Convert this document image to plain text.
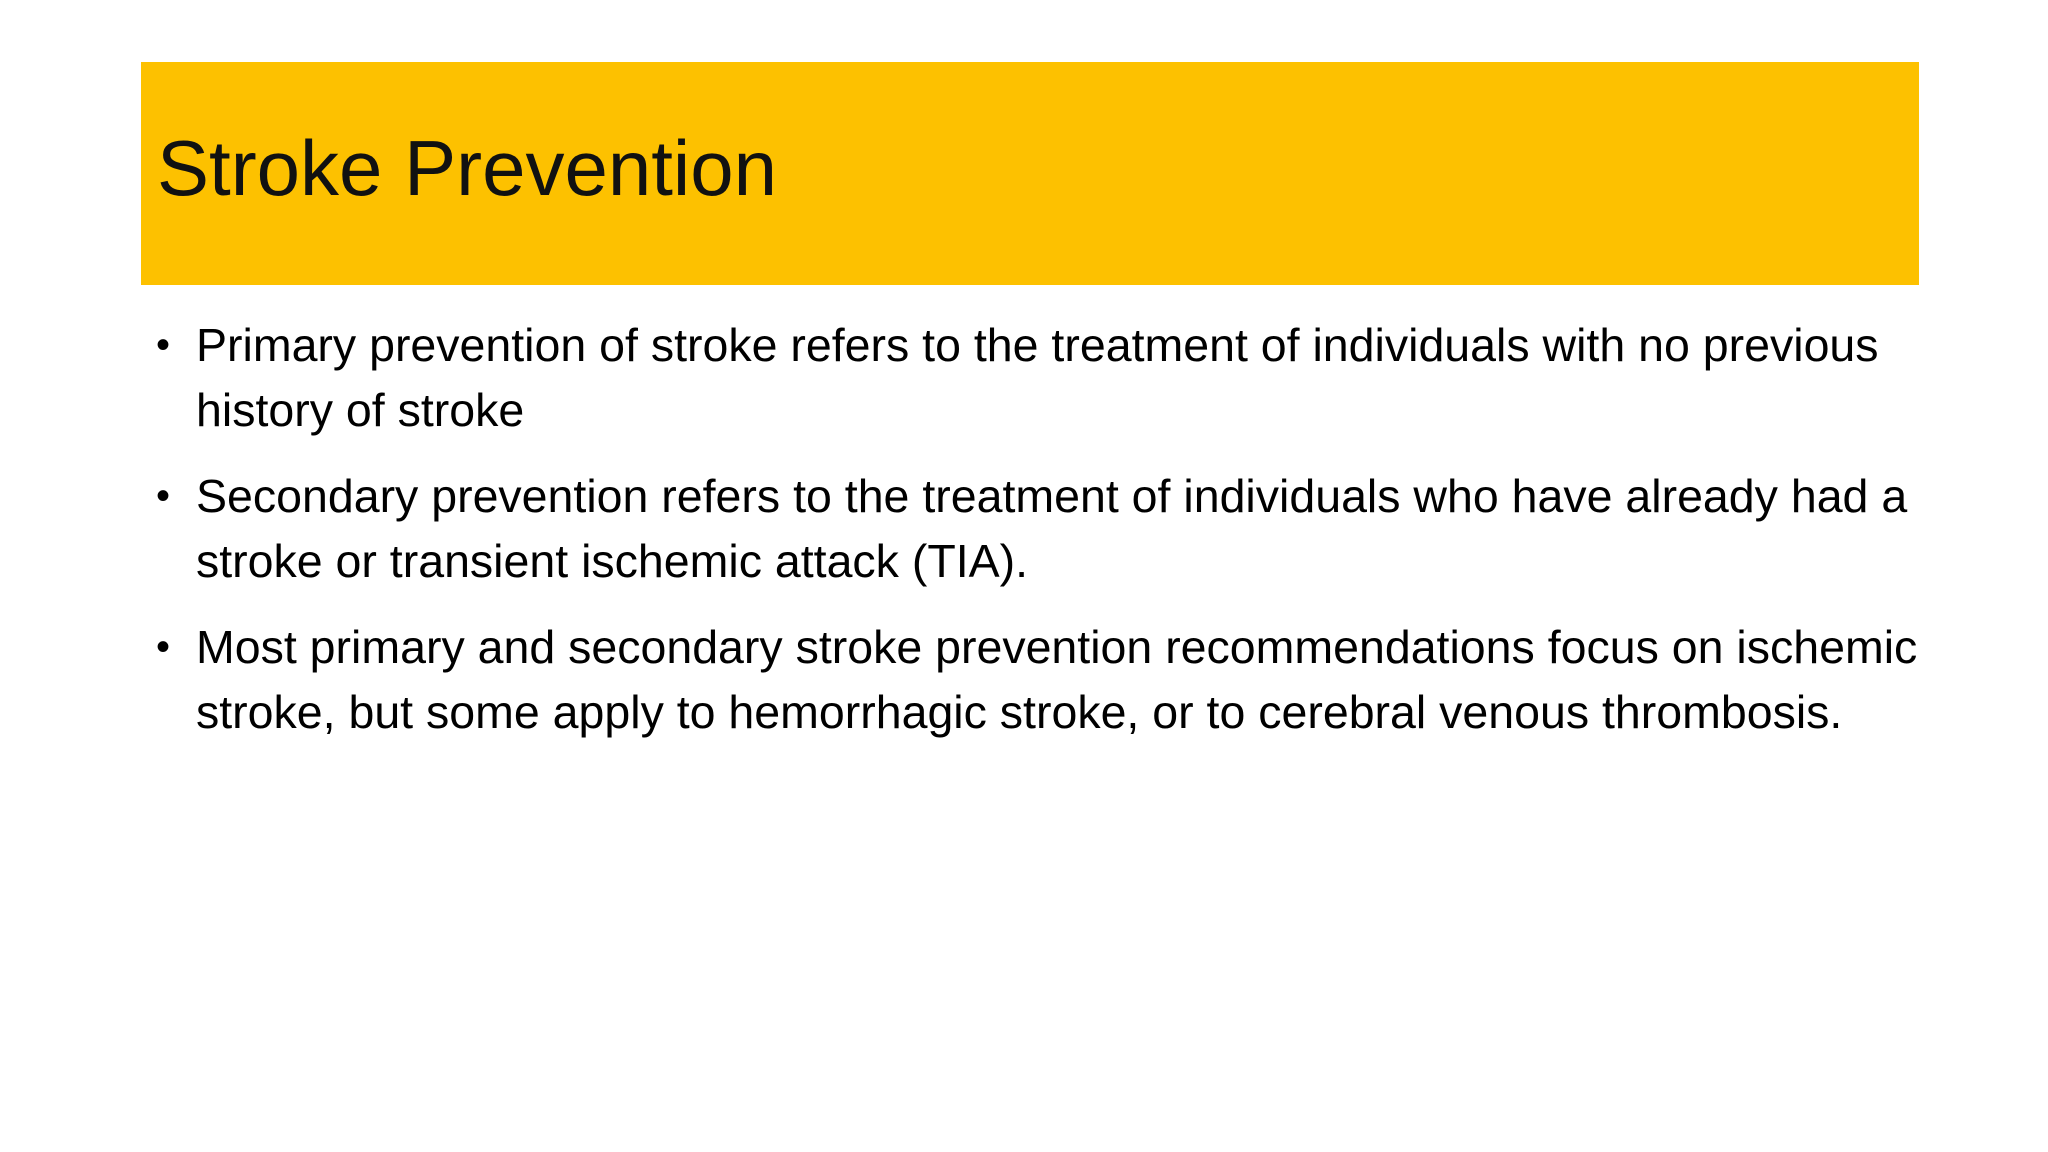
Stroke Prevention
• Primary prevention of stroke refers to the treatment of individuals with no previous history of stroke
• Secondary prevention refers to the treatment of individuals who have already had a stroke or transient ischemic attack (TIA).
• Most primary and secondary stroke prevention recommendations focus on ischemic stroke, but some apply to hemorrhagic stroke, or to cerebral venous thrombosis.
